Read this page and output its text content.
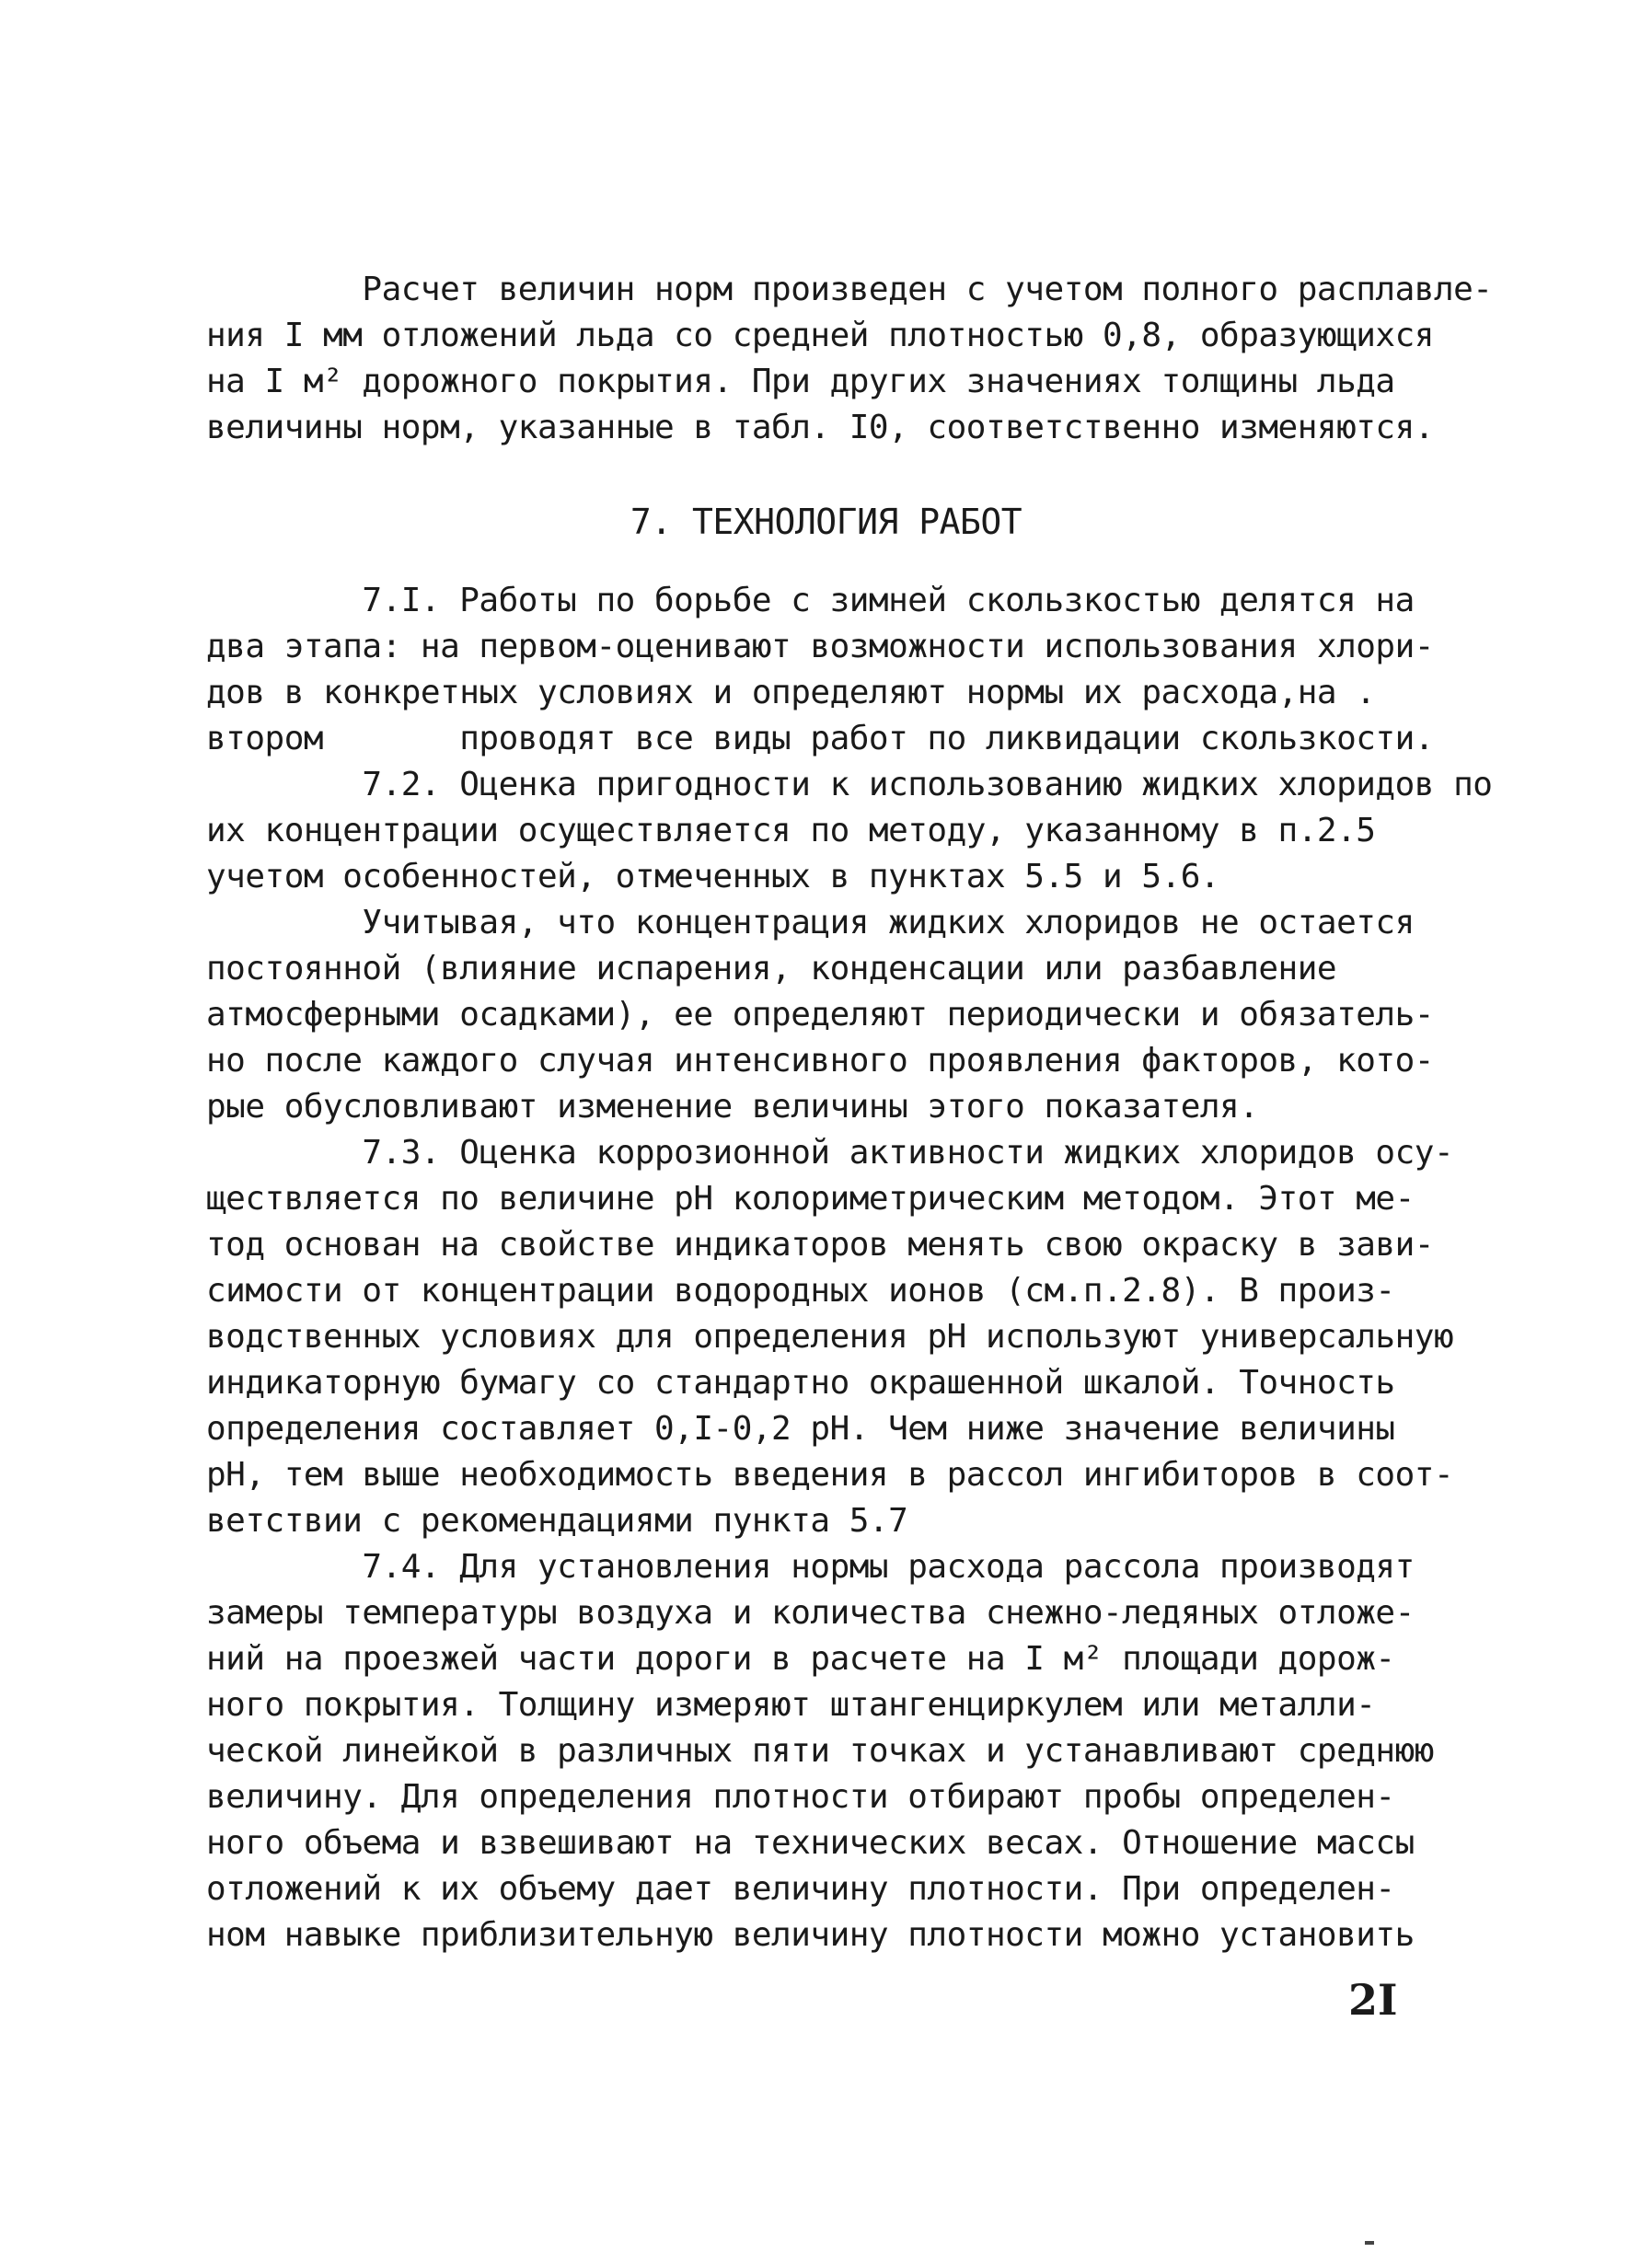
Расчет величин норм произведен с учетом полного расплавле-
ния I мм отложений льда со средней плотностью 0,8, образующихся
на I м² дорожного покрытия. При других значениях толщины льда
величины норм, указанные в табл. I0, соответственно изменяются.
7. ТЕХНОЛОГИЯ РАБОТ
7.I. Работы по борьбе с зимней скользкостью делятся на
два этапа: на первом-оценивают возможности использования хлори-
дов в конкретных условиях и определяют нормы их расхода,на .
втором       проводят все виды работ по ликвидации скользкости.
7.2. Оценка пригодности к использованию жидких хлоридов по
их концентрации осуществляется по методу, указанному в п.2.5
учетом особенностей, отмеченных в пунктах 5.5 и 5.6.
Учитывая, что концентрация жидких хлоридов не остается
постоянной (влияние испарения, конденсации или разбавление
атмосферными осадками), ее определяют периодически и обязатель-
но после каждого случая интенсивного проявления факторов, кото-
рые обусловливают изменение величины этого показателя.
7.3. Оценка коррозионной активности жидких хлоридов осу-
ществляется по величине pH колориметрическим методом. Этот ме-
тод основан на свойстве индикаторов менять свою окраску в зави-
симости от концентрации водородных ионов (см.п.2.8). В произ-
водственных условиях для определения pH используют универсальную
индикаторную бумагу со стандартно окрашенной шкалой. Точность
определения составляет 0,I-0,2 pH. Чем ниже значение величины
pH, тем выше необходимость введения в рассол ингибиторов в соот-
ветствии с рекомендациями пункта 5.7
7.4. Для установления нормы расхода рассола производят
замеры температуры воздуха и количества снежно-ледяных отложе-
ний на проезжей части дороги в расчете на I м² площади дорож-
ного покрытия. Толщину измеряют штангенциркулем или металли-
ческой линейкой в различных пяти точках и устанавливают среднюю
величину. Для определения плотности отбирают пробы определен-
ного объема и взвешивают на технических весах. Отношение массы
отложений к их объему дает величину плотности. При определен-
ном навыке приблизительную величину плотности можно установить
2I
